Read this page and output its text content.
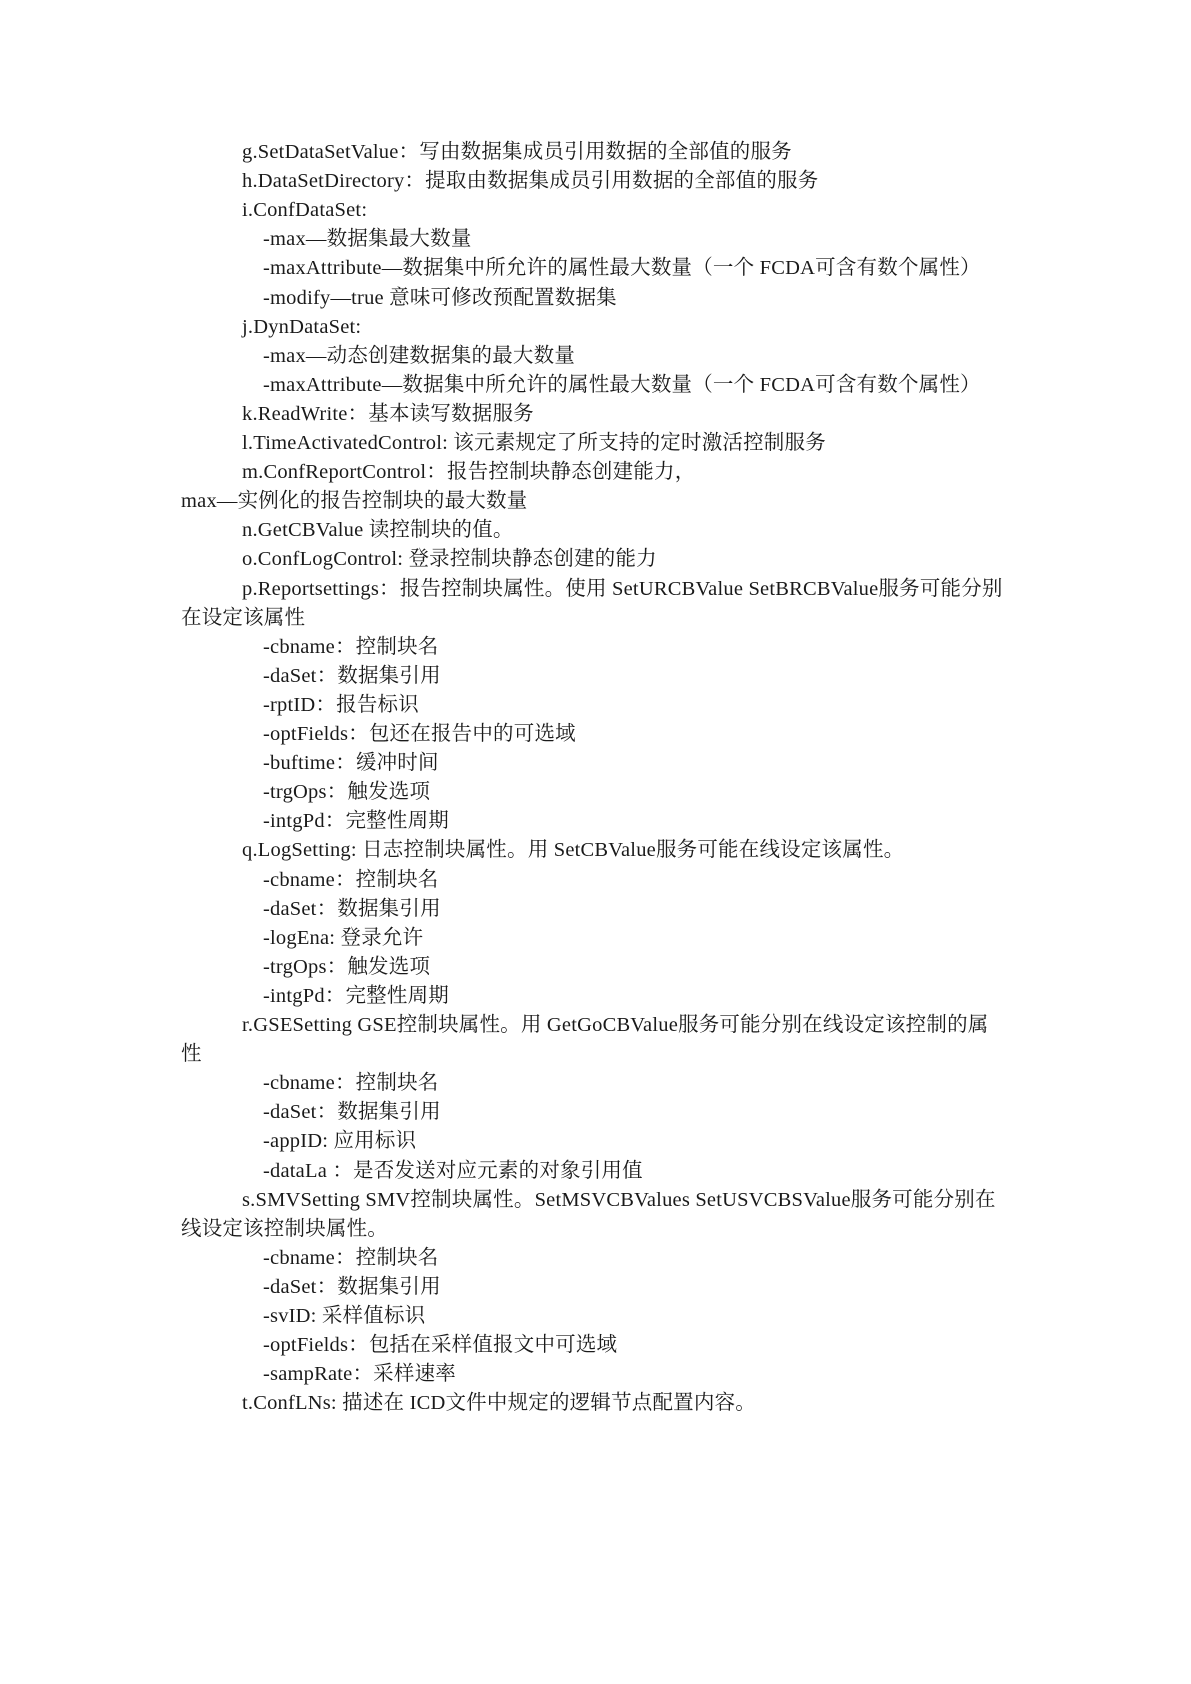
g.SetDataSetValue：写由数据集成员引用数据的全部值的服务
h.DataSetDirectory：提取由数据集成员引用数据的全部值的服务
i.ConfDataSet:
-max—数据集最大数量
-maxAttribute—数据集中所允许的属性最大数量（一个 FCDA可含有数个属性）
-modify—true 意味可修改预配置数据集
j.DynDataSet:
-max—动态创建数据集的最大数量
-maxAttribute—数据集中所允许的属性最大数量（一个 FCDA可含有数个属性）
k.ReadWrite：基本读写数据服务
l.TimeActivatedControl: 该元素规定了所支持的定时激活控制服务
m.ConfReportControl：报告控制块静态创建能力，
max—实例化的报告控制块的最大数量
n.GetCBValue 读控制块的值。
o.ConfLogControl: 登录控制块静态创建的能力
p.Reportsettings：报告控制块属性。使用 SetURCBValue SetBRCBValue服务可能分别
在设定该属性
-cbname：控制块名
-daSet：数据集引用
-rptID：报告标识
-optFields：包还在报告中的可选域
-buftime：缓冲时间
-trgOps：触发选项
-intgPd：完整性周期
q.LogSetting: 日志控制块属性。用 SetCBValue服务可能在线设定该属性。
-cbname：控制块名
-daSet：数据集引用
-logEna: 登录允许
-trgOps：触发选项
-intgPd：完整性周期
r.GSESetting GSE控制块属性。用 GetGoCBValue服务可能分别在线设定该控制的属
性
-cbname：控制块名
-daSet：数据集引用
-appID: 应用标识
-dataLa ：是否发送对应元素的对象引用值
s.SMVSetting SMV控制块属性。SetMSVCBValues SetUSVCBSValue服务可能分别在
线设定该控制块属性。
-cbname：控制块名
-daSet：数据集引用
-svID: 采样值标识
-optFields：包括在采样值报文中可选域
-sampRate：采样速率
t.ConfLNs: 描述在 ICD文件中规定的逻辑节点配置内容。
